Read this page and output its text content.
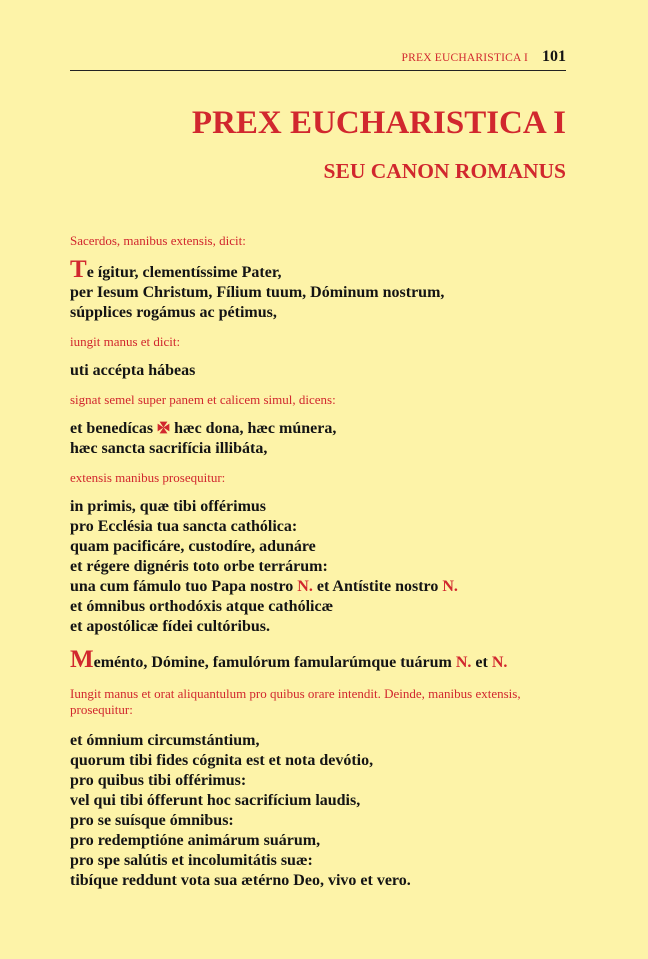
PREX EUCHARISTICA I 101
PREX EUCHARISTICA I
SEU CANON ROMANUS
Sacerdos, manibus extensis, dicit:

Te ígitur, clementíssime Pater,
per Iesum Christum, Fílium tuum, Dóminum nostrum,
súpplices rogámus ac pétimus,

iungit manus et dicit:

uti accépta hábeas

signat semel super panem et calicem simul, dicens:

et benedícas hæc dona, hæc múnera,
hæc sancta sacrifícia illibáta,

extensis manibus prosequitur:

in primis, quæ tibi offérimus
pro Ecclésia tua sancta cathólica:
quam pacificáre, custodíre, adunáre
et régere dignéris toto orbe terrárum:
una cum fámulo tuo Papa nostro N. et Antístite nostro N.
et ómnibus orthodóxis atque cathólicæ
et apostólicæ fídei cultóribus.

Meménto, Dómine, famulórum famularúmque tuárum N. et N.

Iungit manus et orat aliquantulum pro quibus orare intendit. Deinde, manibus extensis, prosequitur:

et ómnium circumstántium,
quorum tibi fides cógnita est et nota devótio,
pro quibus tibi offérimus:
vel qui tibi ófferunt hoc sacrifícium laudis,
pro se suísque ómnibus:
pro redemptióne animárum suárum,
pro spe salútis et incolumitátis suæ:
tibíque reddunt vota sua ætérno Deo, vivo et vero.
